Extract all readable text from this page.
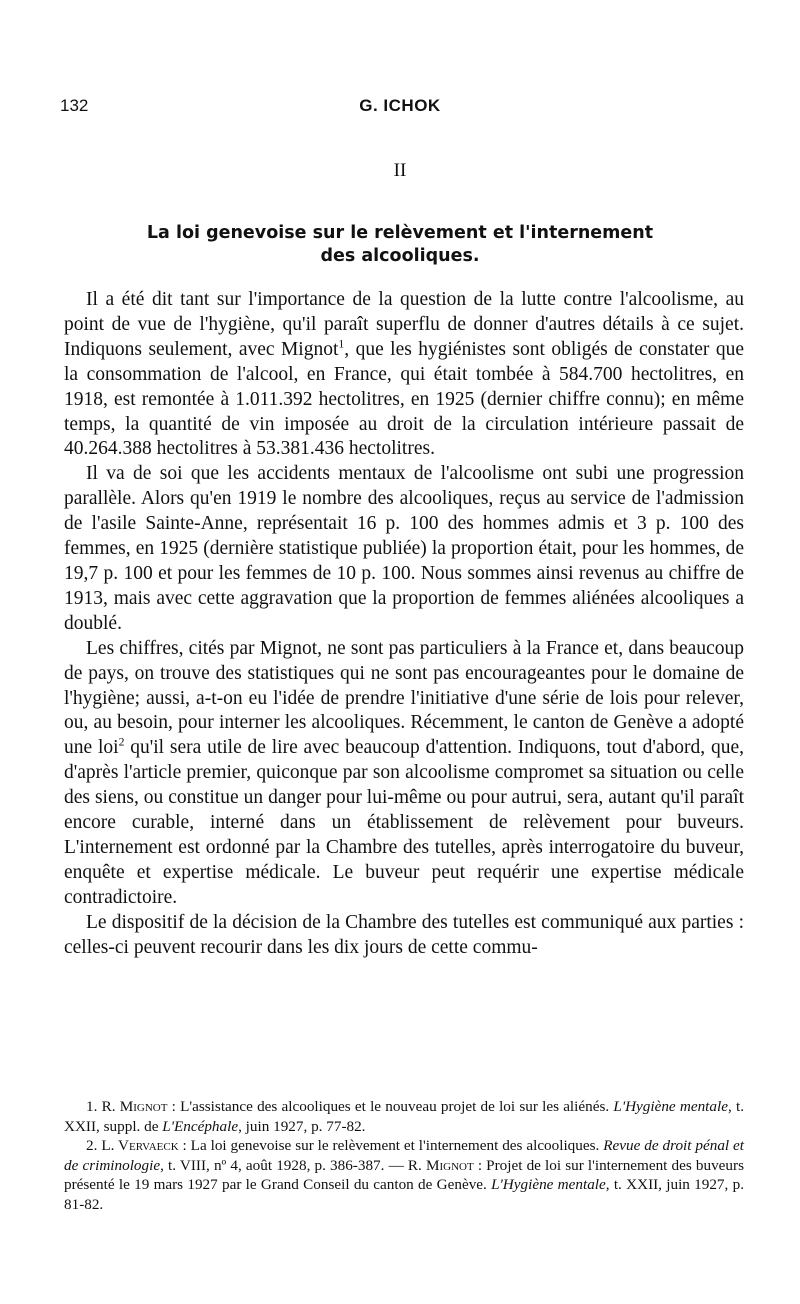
132	G. ICHOK
II
La loi genevoise sur le relèvement et l'internement
des alcooliques.

Il a été dit tant sur l'importance de la question de la lutte contre l'alcoolisme, au point de vue de l'hygiène, qu'il paraît superflu de donner d'autres détails à ce sujet. Indiquons seulement, avec Mignot$^1$, que les hygiénistes sont obligés de constater que la consommation de l'alcool, en France, qui était tombée à 584.700 hectolitres, en 1918, est remontée à 1.011.392 hectolitres, en 1925 (dernier chiffre connu); en même temps, la quantité de vin imposée au droit de la circulation intérieure passait de 40.264.388 hectolitres à 53.381.436 hectolitres.

Il va de soi que les accidents mentaux de l'alcoolisme ont subi une progression parallèle. Alors qu'en 1919 le nombre des alcooliques, reçus au service de l'admission de l'asile Sainte-Anne, représentait 16 p. 100 des hommes admis et 3 p. 100 des femmes, en 1925 (dernière statistique publiée) la proportion était, pour les hommes, de 19,7 p. 100 et pour les femmes de 10 p. 100. Nous sommes ainsi revenus au chiffre de 1913, mais avec cette aggravation que la proportion de femmes aliénées alcooliques a doublé.

Les chiffres, cités par Mignot, ne sont pas particuliers à la France et, dans beaucoup de pays, on trouve des statistiques qui ne sont pas encourageantes pour le domaine de l'hygiène; aussi, a-t-on eu l'idée de prendre l'initiative d'une série de lois pour relever, ou, au besoin, pour interner les alcooliques. Récemment, le canton de Genève a adopté une loi$^2$ qu'il sera utile de lire avec beaucoup d'attention. Indiquons, tout d'abord, que, d'après l'article premier, quiconque par son alcoolisme compromet sa situation ou celle des siens, ou constitue un danger pour lui-même ou pour autrui, sera, autant qu'il paraît encore curable, interné dans un établissement de relèvement pour buveurs. L'internement est ordonné par la Chambre des tutelles, après interrogatoire du buveur, enquête et expertise médicale. Le buveur peut requérir une expertise médicale contradictoire.

Le dispositif de la décision de la Chambre des tutelles est communiqué aux parties : celles-ci peuvent recourir dans les dix jours de cette commu-

1. R. Mignot : L'assistance des alcooliques et le nouveau projet de loi sur les aliénés. L'Hygiène mentale, t. XXII, suppl. de L'Encéphale, juin 1927, p. 77-82.

2. L. Vervaeck : La loi genevoise sur le relèvement et l'internement des alcooliques. Revue de droit pénal et de criminologie, t. VIII, nº 4, août 1928, p. 386-387. — R. Mignot : Projet de loi sur l'internement des buveurs présenté le 19 mars 1927 par le Grand Conseil du canton de Genève. L'Hygiène mentale, t. XXII, juin 1927, p. 81-82.
